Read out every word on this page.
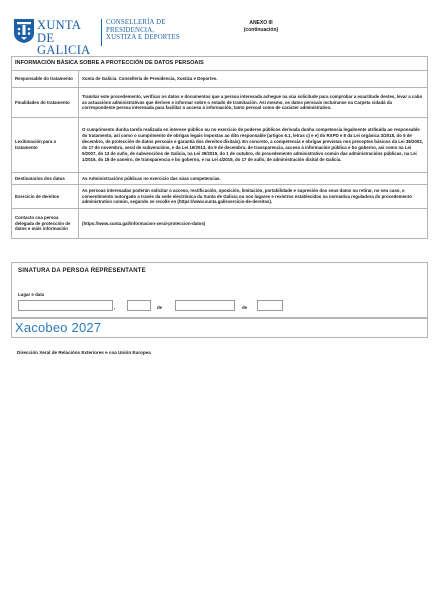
XUNTA
DE GALICIA
CONSELLERÍA DE
PRESIDENCIA,
XUSTIZA E DEPORTES
ANEXO III
(continuación)
INFORMACIÓN BÁSICA SOBRE A PROTECCIÓN DE DATOS PERSOAIS	
Responsable do tratamento	Xunta de Galicia. Consellería de Presidencia, Xustiza e Deportes.
Finalidades do tratamento	Tramitar este procedemento, verificar os datos e documentos que a persoa interesada achegue na súa solicitude para comprobar a exactitude destes, levar a cabo as actuacións administrativas que deriven e informar sobre o estado de tramitación. Así mesmo, os datos persoais incluíranse na Carpeta cidadá da correspondente persoa interesada para facilitar o acceso á información, tanto persoal como de carácter administrativo.
Lexitimación para o tratamento	O cumprimento dunha tarefa realizada en interese público ou no exercicio de poderes públicos derivada dunha competencia legalmente atribuída ao responsable do tratamento, así como o cumprimento de obrigas legais impostas ao dito responsable (artigos 6.1, letras c) e e) do RXPD e 8 da Lei orgánica 3/2018, do 5 de decembro, de protección de datos persoais e garantía dos dereitos dixitais). En concreto, a competencia e obrigas previstas nos preceptos básicos da Lei 38/2003, do 17 de novembro, xeral de subvencións, e da Lei 19/2013, do 9 de decembro, de transparencia, acceso á información pública e bo goberno, así como na Lei 9/2007, do 13 de xuño, de subvencións de Galicia, na Lei 39/2015, do 1 de outubro, do procedemento administrativo común das administracións públicas, na Lei 1/2016, do 18 de xaneiro, de transparencia e bo goberno, e na Lei 4/2019, do 17 de xullo, de administración dixital de Galicia.
Destinatarios dos datos	As Administracións públicas no exercicio das súas competencias.
Exercicio de dereitos	As persoas interesadas poderán solicitar o acceso, rectificación, oposición, limitación, portabilidade e supresión dos seus datos ou retirar, no seu caso, o consentimento outorgado a través da sede electrónica da Xunta de Galicia ou nos lugares e rexistros establecidos na normativa reguladora do procedemento administrativo común, segundo se recolle en (https://www.xunta.gal/exercicio-de-dereitos).
Contacto coa persoa delegada de protección de datos e máis información	(https://www.xunta.gal/informacion-xeral-proteccion-datos)
SINATURA DA PERSOA REPRESENTANTE
Lugar e data
,	de	de
Xacobeo 2027
Dirección Xeral de Relacións Exteriores e coa Unión Europea
